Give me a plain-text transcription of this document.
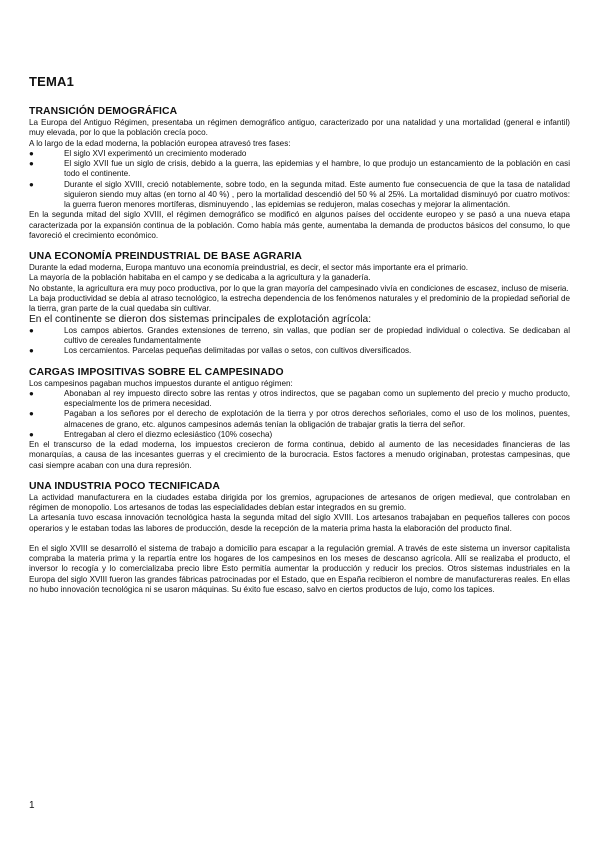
TEMA1
TRANSICIÓN DEMOGRÁFICA

La Europa del Antiguo Régimen, presentaba un régimen demográfico antiguo, caracterizado por una natalidad y una mortalidad (general e infantil) muy elevada, por lo que la población crecía poco.

A lo largo de la edad moderna, la población europea atravesó tres fases:

●	El siglo XVI experimentó un crecimiento moderado
●	El siglo XVII fue un siglo de crisis, debido a la guerra, las epidemias y el hambre, lo que produjo un estancamiento de la población en casi todo el continente.
●	Durante el siglo XVIII, creció notablemente, sobre todo, en la segunda mitad. Este aumento fue consecuencia de que la tasa de natalidad siguieron siendo muy altas (en torno al 40 %) , pero la mortalidad descendió del 50 % al 25%. La mortalidad disminuyó por cuatro motivos: la guerra fueron menores mortíferas, disminuyendo , las epidemias se redujeron, malas cosechas y mejorar la alimentación.

En la segunda mitad del siglo XVIII, el régimen demográfico se modificó en algunos países del occidente europeo y se pasó a una nueva etapa caracterizada por la expansión continua de la población. Como había más gente, aumentaba la demanda de productos básicos del consumo, lo que favoreció el crecimiento económico.

UNA ECONOMÍA PREINDUSTRIAL DE BASE AGRARIA

Durante la edad moderna, Europa mantuvo una economía preindustrial, es decir, el sector más importante era el primario.

La mayoría de la población habitaba en el campo y se dedicaba a la agricultura y la ganadería.

No obstante, la agricultura era muy poco productiva, por lo que la gran mayoría del campesinado vivía en condiciones de escasez, incluso de miseria.

La baja productividad se debía al atraso tecnológico, la estrecha dependencia de los fenómenos naturales y el predominio de la propiedad señorial de la tierra, gran parte de la cual quedaba sin cultivar.

En el continente se dieron dos sistemas principales de explotación agrícola:

●	Los campos abiertos. Grandes extensiones de terreno, sin vallas, que podían ser de propiedad individual o colectiva. Se dedicaban al cultivo de cereales fundamentalmente
●	Los cercamientos. Parcelas pequeñas delimitadas por vallas o setos, con cultivos diversificados.
CARGAS IMPOSITIVAS SOBRE EL CAMPESINADO

Los campesinos pagaban muchos impuestos durante el antiguo régimen:

●	Abonaban al rey impuesto directo sobre las rentas y otros indirectos, que se pagaban como un suplemento del precio y mucho producto, especialmente los de primera necesidad.
●	Pagaban a los señores por el derecho de explotación de la tierra y por otros derechos señoriales, como el uso de los molinos, puentes, almacenes de grano, etc. algunos campesinos además tenían la obligación de trabajar gratis la tierra del señor.
●	Entregaban al clero el diezmo eclesiástico (10% cosecha)

En el transcurso de la edad moderna, los impuestos crecieron de forma continua, debido al aumento de las necesidades financieras de las monarquías, a causa de las incesantes guerras y el crecimiento de la burocracia. Estos factores a menudo originaban, protestas campesinas, que casi siempre acaban con una dura represión.

UNA INDUSTRIA POCO TECNIFICADA

La actividad manufacturera en la ciudades estaba dirigida por los gremios, agrupaciones de artesanos de origen medieval, que controlaban en régimen de monopolio. Los artesanos de todas las especialidades debían estar integrados en su gremio.

La artesanía tuvo escasa innovación tecnológica hasta la segunda mitad del siglo XVIII. Los artesanos trabajaban en pequeños talleres con pocos operarios y le estaban todas las labores de producción, desde la recepción de la materia prima hasta la elaboración del producto final.

En el siglo XVIII se desarrolló el sistema de trabajo a domicilio para escapar a la regulación gremial. A través de este sistema un inversor capitalista compraba la materia prima y la repartía entre los hogares de los campesinos en los meses de descanso agrícola. Allí se realizaba el producto, el inversor lo recogía y lo comercializaba precio libre Esto permitía aumentar la producción y reducir los precios. Otros sistemas industriales en la Europa del siglo XVIII fueron las grandes fábricas patrocinadas por el Estado, que en España recibieron el nombre de manufactureras reales. En ellas no hubo innovación tecnológica ni se usaron máquinas. Su éxito fue escaso, salvo en ciertos productos de lujo, como los tapices.

1
